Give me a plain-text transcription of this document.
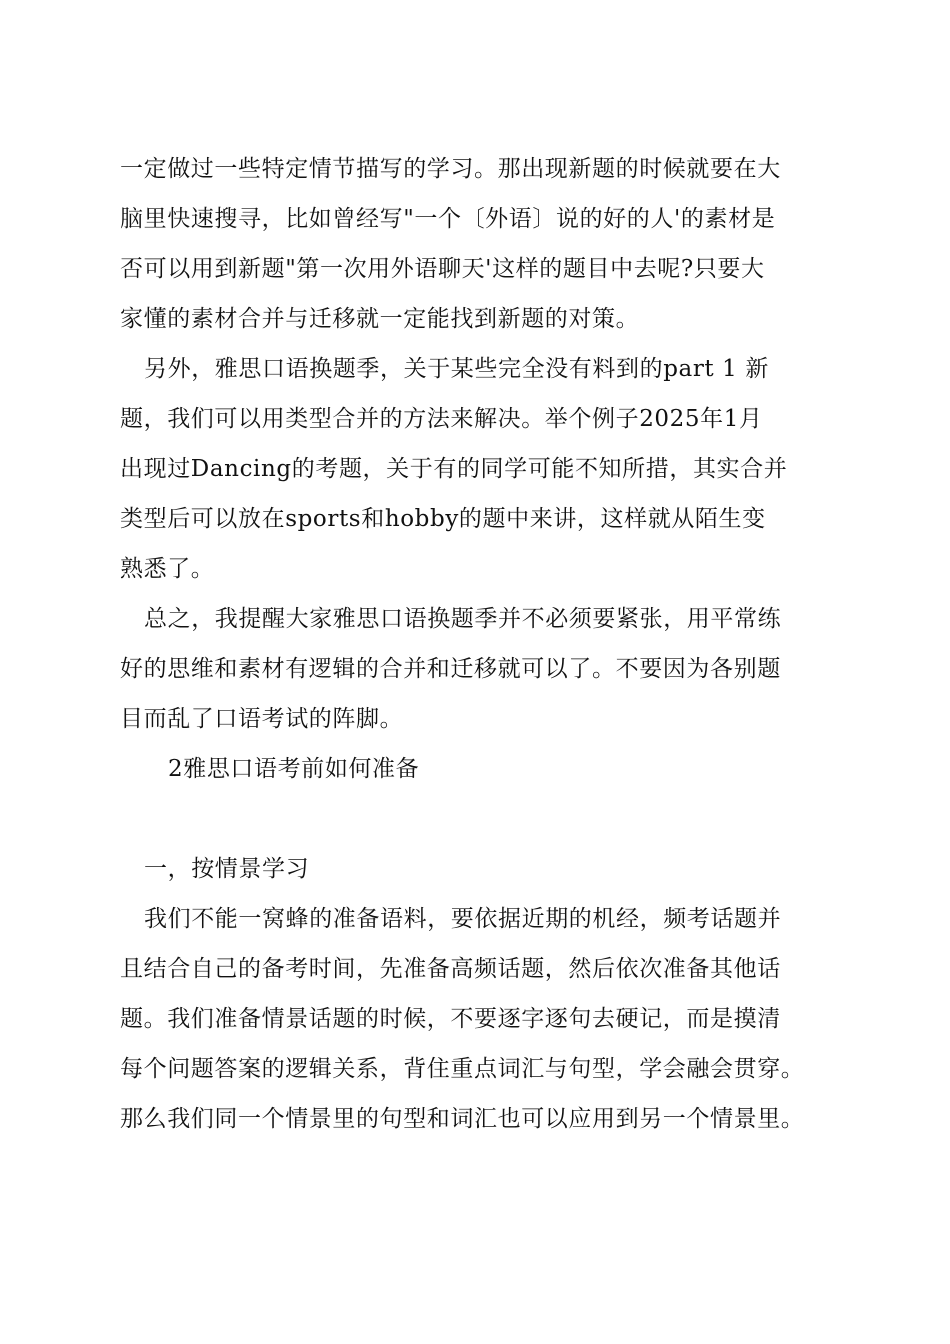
一定做过一些特定情节描写的学习。那出现新题的时候就要在大
脑里快速搜寻，比如曾经写"一个〔外语〕说的好的人'的素材是
否可以用到新题"第一次用外语聊天'这样的题目中去呢?只要大
家懂的素材合并与迁移就一定能找到新题的对策。
另外，雅思口语换题季，关于某些完全没有料到的part 1 新
题，我们可以用类型合并的方法来解决。举个例子2025年1月
出现过Dancing的考题，关于有的同学可能不知所措，其实合并
类型后可以放在sports和hobby的题中来讲，这样就从陌生变
熟悉了。
总之，我提醒大家雅思口语换题季并不必须要紧张，用平常练
好的思维和素材有逻辑的合并和迁移就可以了。不要因为各别题
目而乱了口语考试的阵脚。
2雅思口语考前如何准备
一，按情景学习
我们不能一窝蜂的准备语料，要依据近期的机经，频考话题并
且结合自己的备考时间，先准备高频话题，然后依次准备其他话
题。我们准备情景话题的时候，不要逐字逐句去硬记，而是摸清
每个问题答案的逻辑关系，背住重点词汇与句型，学会融会贯穿。
那么我们同一个情景里的句型和词汇也可以应用到另一个情景里。
